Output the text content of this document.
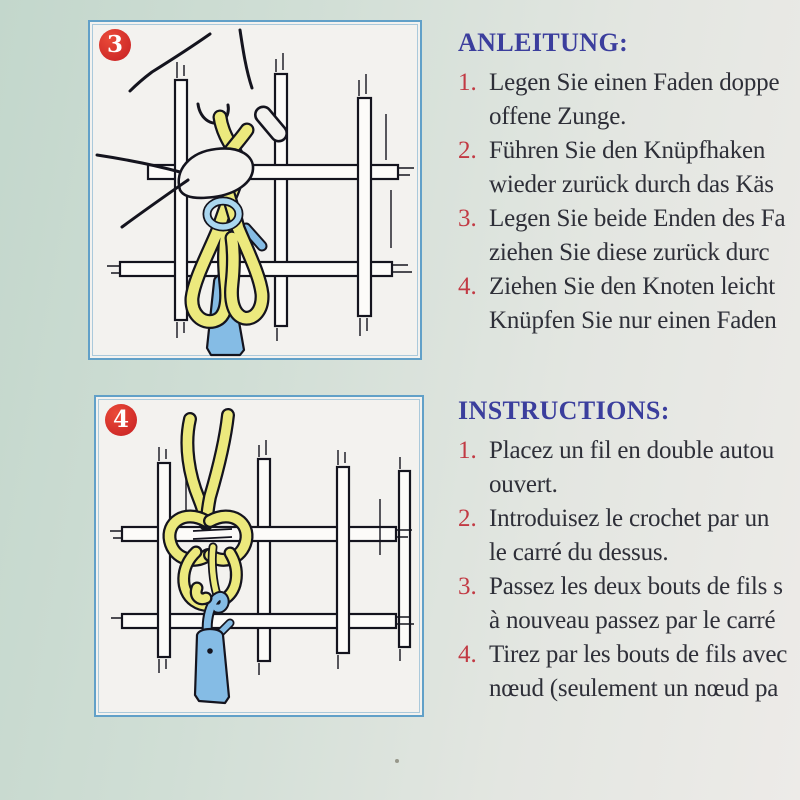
3
4
ANLEITUNG:
1. Legen Sie einen Faden doppe
offene Zunge.
2. Führen Sie den Knüpfhaken
wieder zurück durch das Käs
3. Legen Sie beide Enden des Fa
ziehen Sie diese zurück durc
4. Ziehen Sie den Knoten leicht
Knüpfen Sie nur einen Faden
INSTRUCTIONS:
1. Placez un fil en double autou
ouvert.
2. Introduisez le crochet par un
le carré du dessus.
3. Passez les deux bouts de fils s
à nouveau passez par le carré
4. Tirez par les bouts de fils avec
nœud (seulement un nœud pa
